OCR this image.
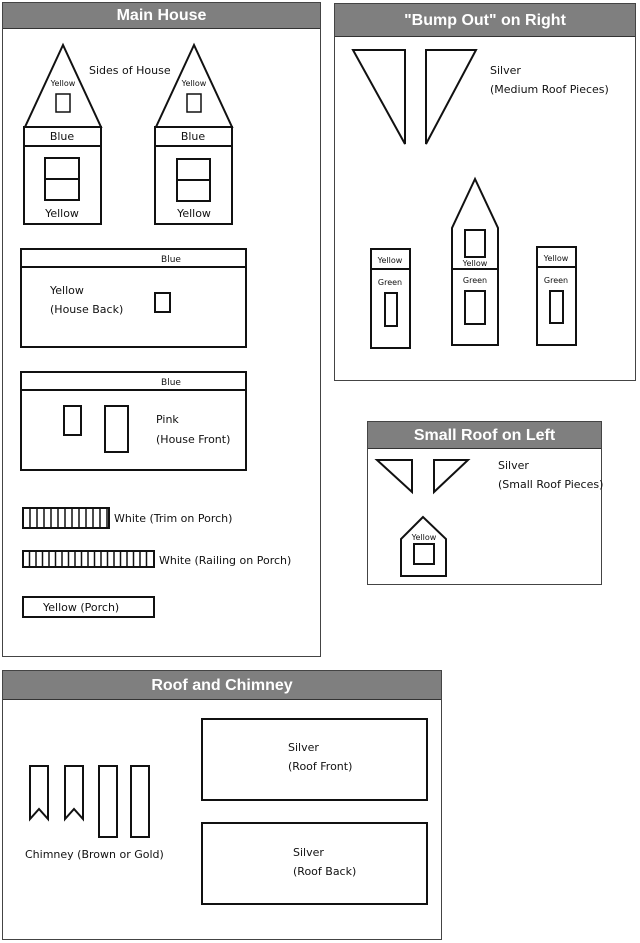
Main House
Yellow
Blue
Yellow
Sides of House
Yellow
Blue
Yellow
Blue
Yellow
(House Back)
Blue
Pink
(House Front)
White (Trim on Porch)
White (Railing on Porch)
Yellow (Porch)
"Bump Out" on Right
Silver
(Medium Roof Pieces)
Yellow
Green
Yellow
Green
Yellow
Green
Small Roof on Left
Silver
(Small Roof Pieces)
Yellow
Roof and Chimney
Chimney (Brown or Gold)
Silver
(Roof Front)
Silver
(Roof Back)
